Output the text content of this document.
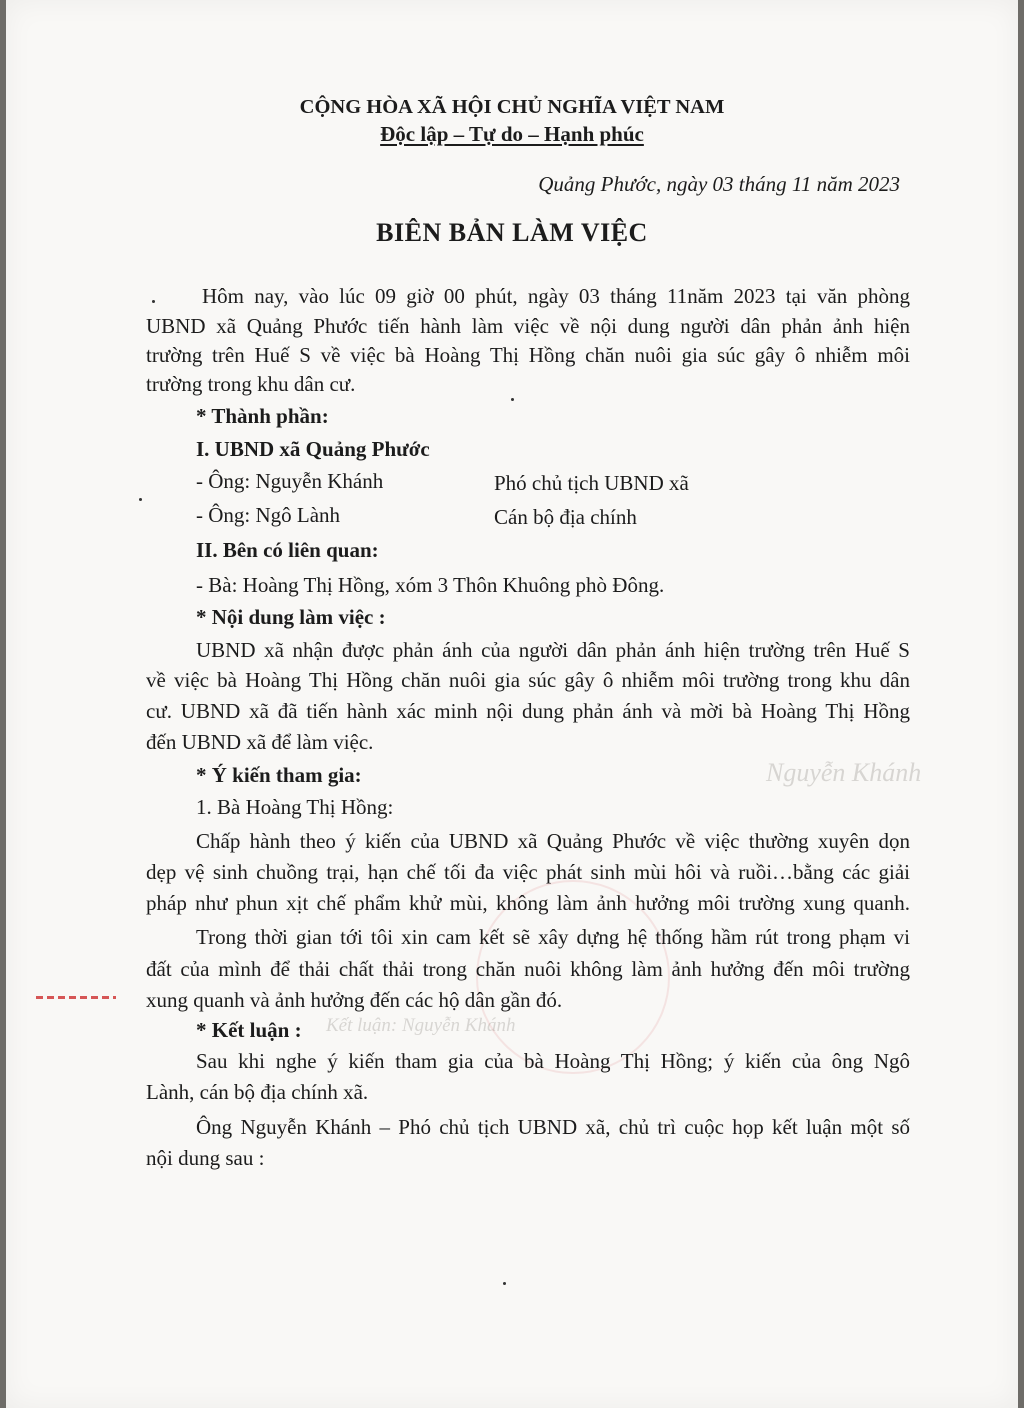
Nguyễn Khánh
Kết luận: Nguyễn Khánh
CỘNG HÒA XÃ HỘI CHỦ NGHĨA VIỆT NAM
Độc lập – Tự do – Hạnh phúc
Quảng Phước, ngày 03 tháng 11 năm 2023
BIÊN BẢN LÀM VIỆC
Hôm nay, vào lúc 09 giờ 00 phút, ngày 03 tháng 11năm 2023 tại văn phòng
UBND xã Quảng Phước tiến hành làm việc về nội dung người dân phản ảnh hiện
trường trên Huế S về việc bà Hoàng Thị Hồng chăn nuôi gia súc gây ô nhiễm môi
trường trong khu dân cư.
* Thành phần:
I. UBND xã Quảng Phước
- Ông: Nguyễn Khánh	Phó chủ tịch UBND xã
- Ông: Ngô Lành	Cán bộ địa chính
II. Bên có liên quan:
- Bà: Hoàng Thị Hồng, xóm 3 Thôn Khuông phò Đông.
* Nội dung làm việc :
UBND xã nhận được phản ánh của người dân phản ánh hiện trường trên Huế S
về việc bà Hoàng Thị Hồng chăn nuôi gia súc gây ô nhiễm môi trường trong khu dân
cư. UBND xã đã tiến hành xác minh nội dung phản ánh và mời bà Hoàng Thị Hồng
đến UBND xã để làm việc.
* Ý kiến tham gia:
1. Bà Hoàng Thị Hồng:
Chấp hành theo ý kiến của UBND xã Quảng Phước về việc thường xuyên dọn
dẹp vệ sinh chuồng trại, hạn chế tối đa việc phát sinh mùi hôi và ruồi…bằng các giải
pháp như phun xịt chế phẩm khử mùi, không làm ảnh hưởng môi trường xung quanh.
Trong thời gian tới tôi xin cam kết sẽ xây dựng hệ thống hầm rút trong phạm vi
đất của mình để thải chất thải trong chăn nuôi không làm ảnh hưởng đến môi trường
xung quanh và ảnh hưởng đến các hộ dân gần đó.
* Kết luận :
Sau khi nghe ý kiến tham gia của bà Hoàng Thị Hồng; ý kiến của ông Ngô
Lành, cán bộ địa chính xã.
Ông Nguyễn Khánh – Phó chủ tịch UBND xã, chủ trì cuộc họp kết luận một số
nội dung sau :
